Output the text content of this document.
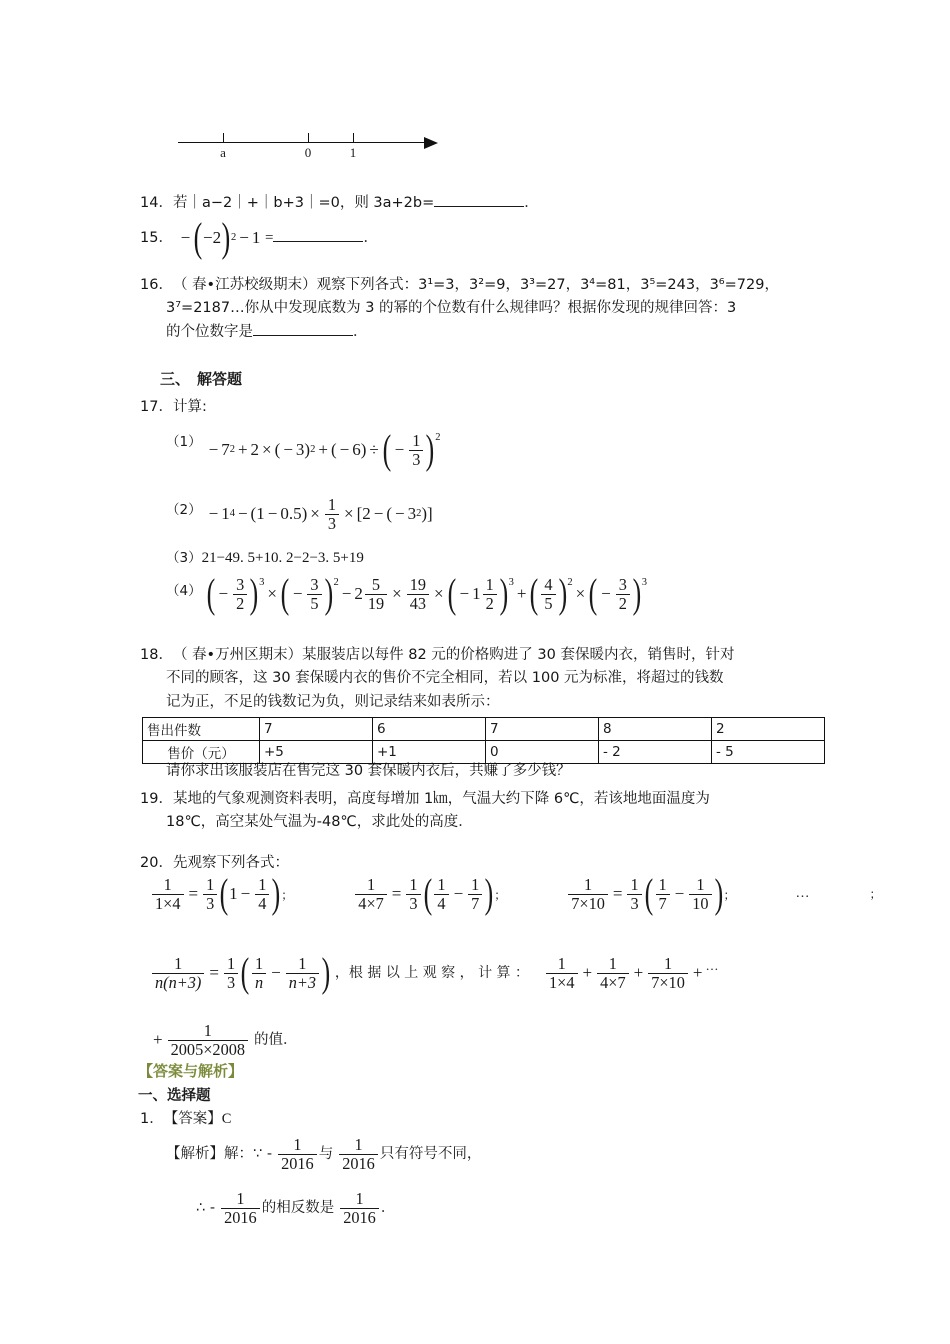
a	0	1
14．若｜a−2｜+｜b+3｜=0，则 3a+2b=	．
15． − ( −2 ) 2 − 1 =	．
16．（ 春•江苏校级期末）观察下列各式：3¹=3，3²=9，3³=27，3⁴=81，3⁵=243，3⁶=729，
3⁷=2187…你从中发现底数为 3 的幂的个位数有什么规律吗？根据你发现的规律回答：3
的个位数字是	．
三、 解答题
17．计算:
$^{(1)}$ − 7 2 + 2 × ( − 3) 2 + ( − 6) ÷ ( − $\frac{1}{3} )^2$
$^{(2)}$ − 1 $4 - (1 - 0.5) \times \frac{1}{3} \times [2$ − ( − 3 2 )]
（3）21−49. 5+10. 2−2−3. 5+19
（4） ( − $\frac{3}{2} )^3$
× ( − $\frac{3}{5} )^2$
− $2 \frac{5}{19} \times \frac{19}{43}$ × ( − $1 \frac{1}{2} )^3$
+ ( $\frac{4}{5} )^2$
× ( − $\frac{3}{2} )^3$
18．（ 春•万州区期末）某服装店以每件 82 元的价格购进了 30 套保暖内衣，销售时，针对
不同的顾客，这 30 套保暖内衣的售价不完全相同，若以 100 元为标准，将超过的钱数
记为正，不足的钱数记为负，则记录结来如表所示：
售出件数	7	6	7	8	2
售价（元）	+5	+1	0	- 2	- 5
请你求出该服装店在售完这 30 套保暖内衣后，共赚了多少钱？
19．某地的气象观测资料表明，高度每增加 1㎞，气温大约下降 6℃，若该地地面温度为
18℃，高空某处气温为-48℃，求此处的高度．
20．先观察下列各式：
$\frac{1}{1\times 4} = \frac{1}{3}$ ( $1 - \frac{1}{4}$ ) ；
	$\frac{1}{4\times 7} = \frac{1}{3}$ ( $\frac{1}{4} - \frac{1}{7}$ ) ；
	$\frac{1}{7\times 10} = \frac{1}{3}$ ( $\frac{1}{7} - \frac{1}{10}$ ) ；	…	；
$\frac{1}{n(n+3)} = \frac{1}{3}$ ( $\frac{1}{n} - \frac{1}{n+3}$ ) ，根 据 以 上 观 察 ， 计 算 ： $\frac{1}{1\times 4} + \frac{1}{4\times 7} + \frac{1}{7\times 10}$ + …
+ $\frac{1}{2005\times 2008}$ 的值．
【答案与解析】
一、选择题
1．【答案】C
【解析】解：∵ - $\frac{1}{2016}$ 与 $\frac{1}{2016}$ 只有符号不同，
∴ - $\frac{1}{2016}$ 的相反数是 $\frac{1}{2016}$ ．
